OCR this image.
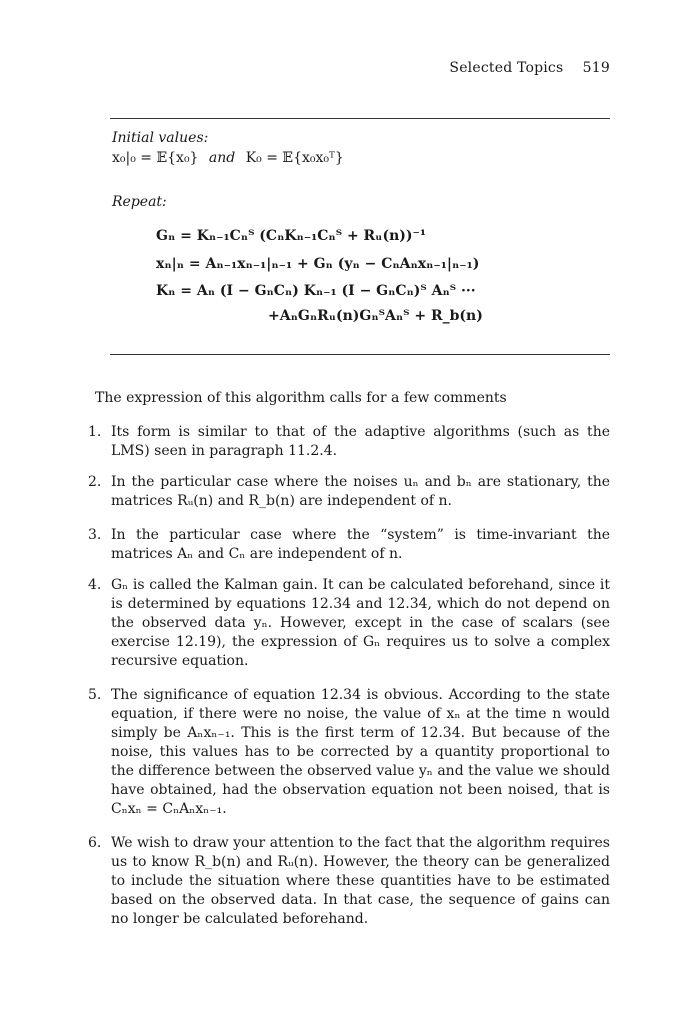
Selected Topics 519
Initial values:
x₀|₀ = 𝔼{x₀} and K₀ = 𝔼{x₀x₀ᵀ}
Repeat:
Gₙ = Kₙ₋₁Cₙᵀ (CₙKₙ₋₁Cₙᵀ + Rᵤ(n))⁻¹
xₙ|ₙ = Aₙ₋₁xₙ₋₁|ₙ₋₁ + Gₙ (yₙ − CₙAₙxₙ₋₁|ₙ₋₁)
Kₙ = Aₙ (I − GₙCₙ) Kₙ₋₁ (I − GₙCₙ)ᵀ Aₙᵀ ···
+AₙGₙRᵤ(n)GₙᵀAₙᵀ + R_b(n)
The expression of this algorithm calls for a few comments
1. Its form is similar to that of the adaptive algorithms (such as the LMS) seen in paragraph 11.2.4.
2. In the particular case where the noises uₙ and bₙ are stationary, the matrices Rᵤ(n) and R_b(n) are independent of n.
3. In the particular case where the “system” is time-invariant the matrices Aₙ and Cₙ are independent of n.
4. Gₙ is called the Kalman gain. It can be calculated beforehand, since it is determined by equations 12.34 and 12.34, which do not depend on the observed data yₙ. However, except in the case of scalars (see exercise 12.19), the expression of Gₙ requires us to solve a complex recursive equation.
5. The significance of equation 12.34 is obvious. According to the state equation, if there were no noise, the value of xₙ at the time n would simply be Aₙxₙ₋₁. This is the first term of 12.34. But because of the noise, this values has to be corrected by a quantity proportional to the difference between the observed value yₙ and the value we should have obtained, had the observation equation not been noised, that is Cₙxₙ = CₙAₙxₙ₋₁.
6. We wish to draw your attention to the fact that the algorithm requires us to know R_b(n) and Rᵤ(n). However, the theory can be generalized to include the situation where these quantities have to be estimated based on the observed data. In that case, the sequence of gains can no longer be calculated beforehand.
